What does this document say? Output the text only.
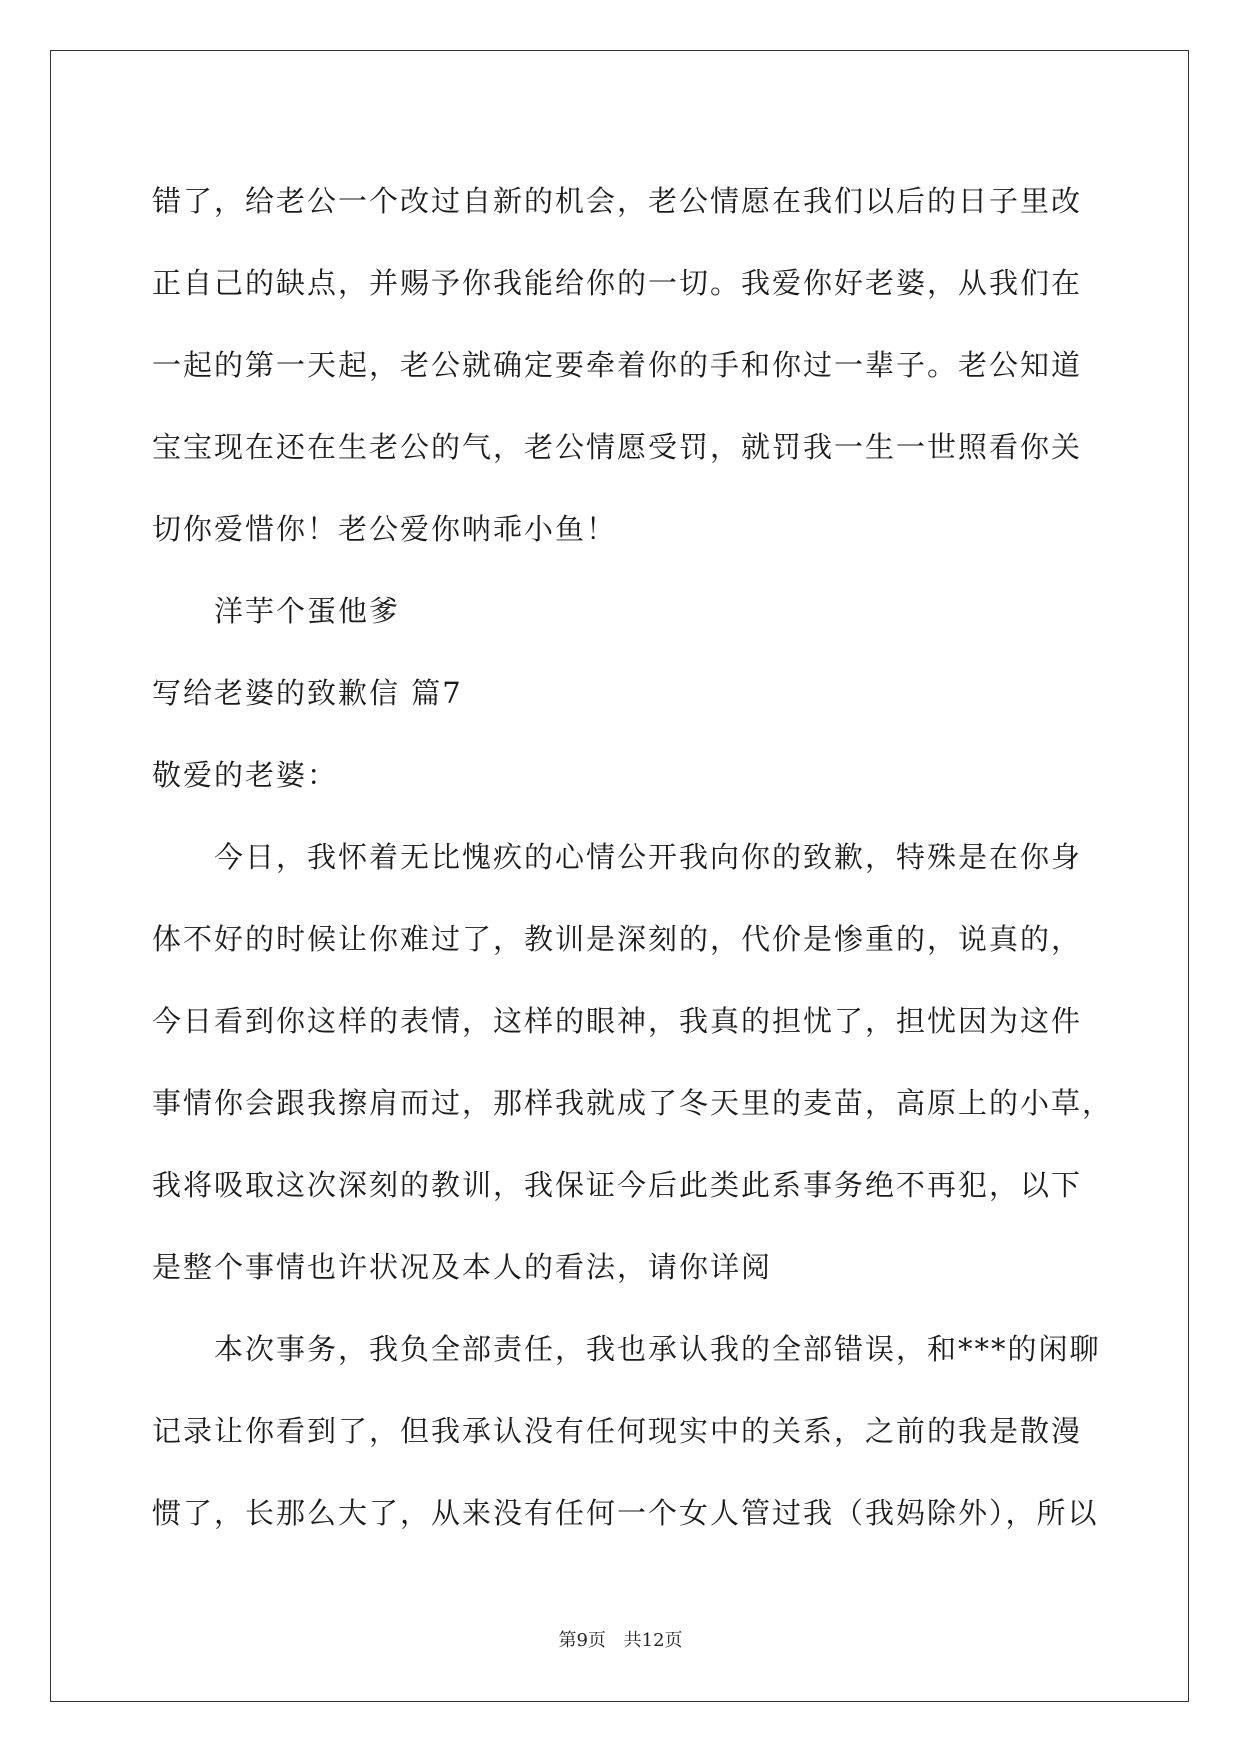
错了，给老公一个改过自新的机会，老公情愿在我们以后的日子里改
正自己的缺点，并赐予你我能给你的一切。我爱你好老婆，从我们在
一起的第一天起，老公就确定要牵着你的手和你过一辈子。老公知道
宝宝现在还在生老公的气，老公情愿受罚，就罚我一生一世照看你关
切你爱惜你！老公爱你呐乖小鱼！
洋芋个蛋他爹
写给老婆的致歉信 篇7
敬爱的老婆：
今日，我怀着无比愧疚的心情公开我向你的致歉，特殊是在你身
体不好的时候让你难过了，教训是深刻的，代价是惨重的，说真的，
今日看到你这样的表情，这样的眼神，我真的担忧了，担忧因为这件
事情你会跟我擦肩而过，那样我就成了冬天里的麦苗，高原上的小草，
我将吸取这次深刻的教训，我保证今后此类此系事务绝不再犯，以下
是整个事情也许状况及本人的看法，请你详阅
本次事务，我负全部责任，我也承认我的全部错误，和***的闲聊
记录让你看到了，但我承认没有任何现实中的关系，之前的我是散漫
惯了，长那么大了，从来没有任何一个女人管过我（我妈除外），所以
第9页 共12页
